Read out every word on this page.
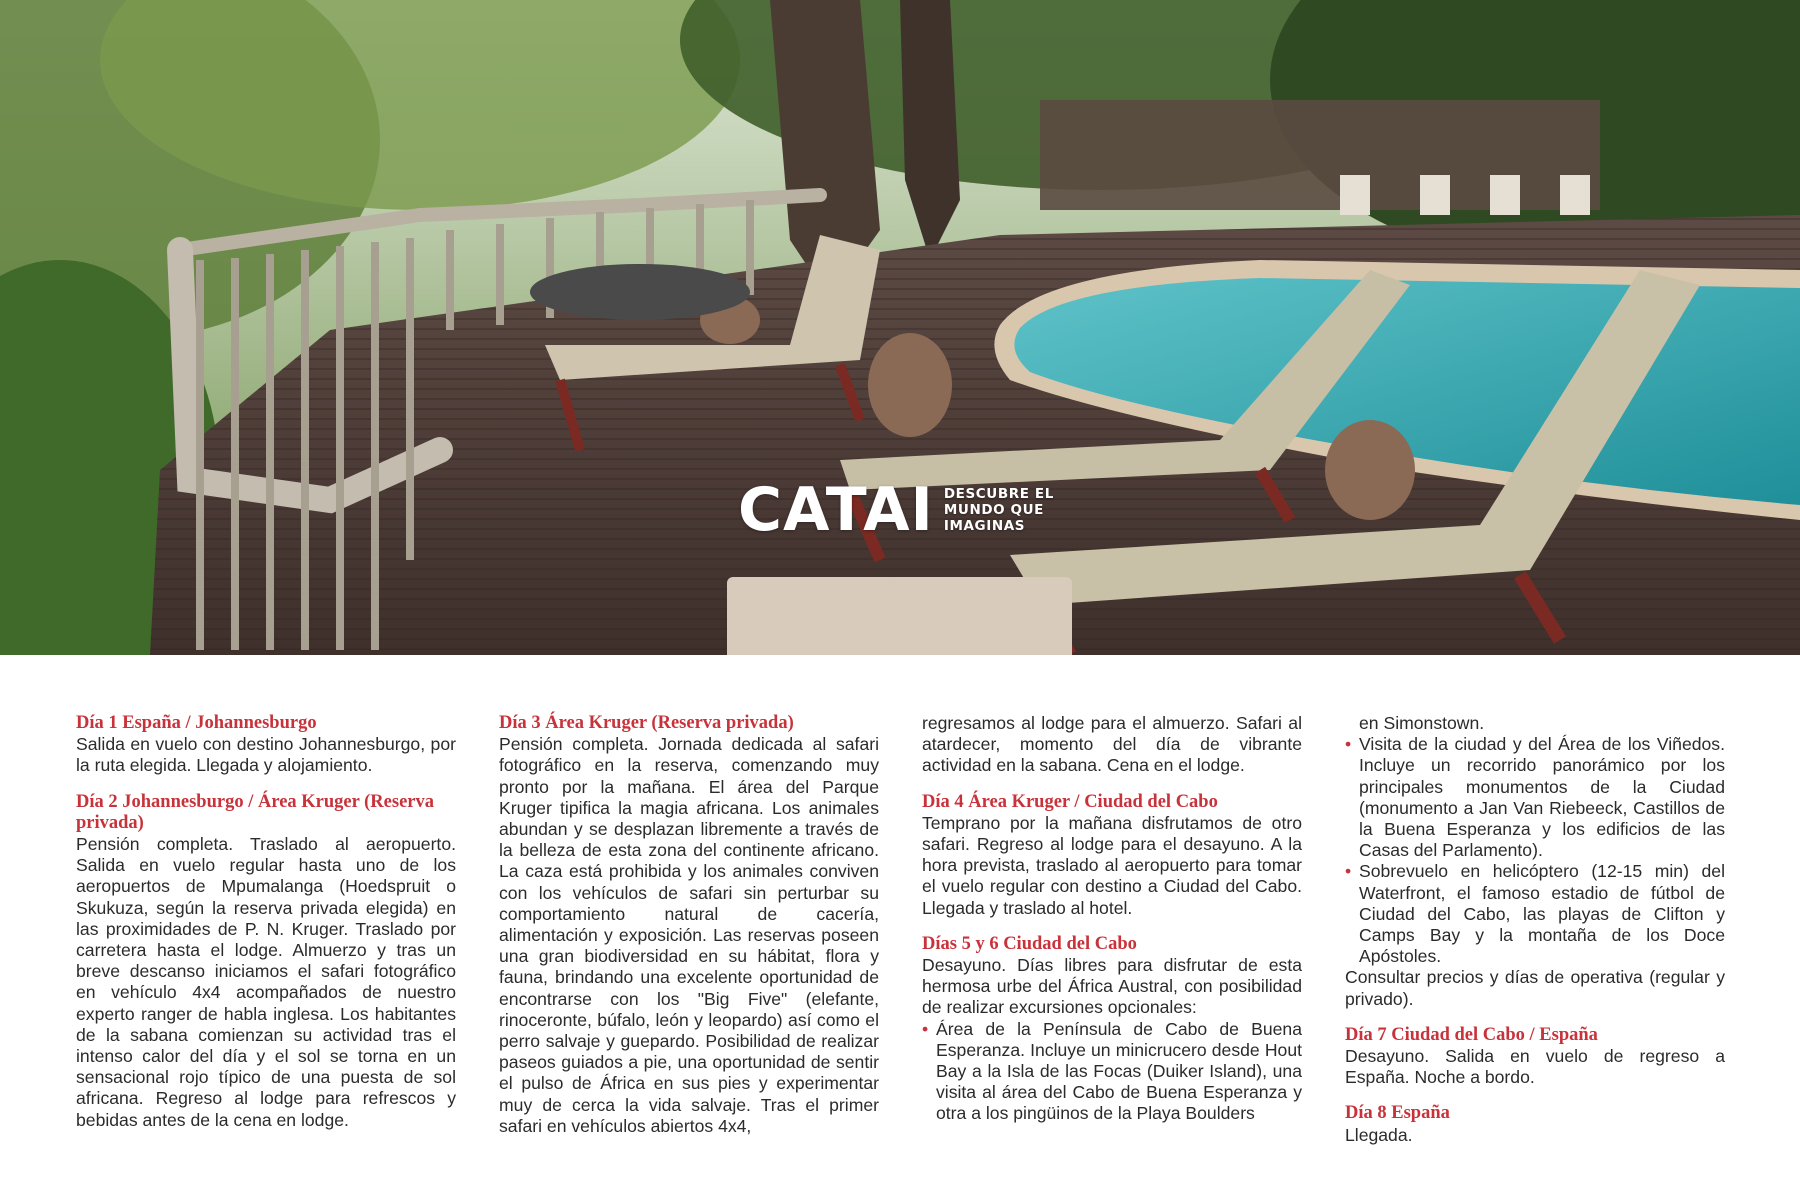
CATAI DESCUBRE EL
MUNDO QUE
IMAGINAS
Día 1 España / Johannesburgo
Salida en vuelo con destino Johannesburgo, por la ruta elegida. Llegada y alojamiento.
Día 2 Johannesburgo / Área Kruger (Reserva privada)
Pensión completa. Traslado al aeropuerto. Salida en vuelo regular hasta uno de los aeropuertos de Mpumalanga (Hoedspruit o Skukuza, según la reserva privada elegida) en las proximidades de P. N. Kruger. Traslado por carretera hasta el lodge. Almuerzo y tras un breve descanso iniciamos el safari fotográfico en vehículo 4x4 acompañados de nuestro experto ranger de habla inglesa. Los habitantes de la sabana comienzan su actividad tras el intenso calor del día y el sol se torna en un sensacional rojo típico de una puesta de sol africana. Regreso al lodge para refrescos y bebidas antes de la cena en lodge.
Día 3 Área Kruger (Reserva privada)
Pensión completa. Jornada dedicada al safari fotográfico en la reserva, comenzando muy pronto por la mañana. El área del Parque Kruger tipifica la magia africana. Los animales abundan y se desplazan libremente a través de la belleza de esta zona del continente africano. La caza está prohibida y los animales conviven con los vehículos de safari sin perturbar su comportamiento natural de cacería, alimentación y exposición. Las reservas poseen una gran biodiversidad en su hábitat, flora y fauna, brindando una excelente oportunidad de encontrarse con los "Big Five" (elefante, rinoceronte, búfalo, león y leopardo) así como el perro salvaje y guepardo. Posibilidad de realizar paseos guiados a pie, una oportunidad de sentir el pulso de África en sus pies y experimentar muy de cerca la vida salvaje. Tras el primer safari en vehículos abiertos 4x4,
regresamos al lodge para el almuerzo. Safari al atardecer, momento del día de vibrante actividad en la sabana. Cena en el lodge.
Día 4 Área Kruger / Ciudad del Cabo
Temprano por la mañana disfrutamos de otro safari. Regreso al lodge para el desayuno. A la hora prevista, traslado al aeropuerto para tomar el vuelo regular con destino a Ciudad del Cabo. Llegada y traslado al hotel.
Días 5 y 6 Ciudad del Cabo
Desayuno. Días libres para disfrutar de esta hermosa urbe del África Austral, con posibilidad de realizar excursiones opcionales:
• Área de la Península de Cabo de Buena Esperanza. Incluye un minicrucero desde Hout Bay a la Isla de las Focas (Duiker Island), una visita al área del Cabo de Buena Esperanza y otra a los pingüinos de la Playa Boulders
en Simonstown.
• Visita de la ciudad y del Área de los Viñedos. Incluye un recorrido panorámico por los principales monumentos de la Ciudad (monumento a Jan Van Riebeeck, Castillos de la Buena Esperanza y los edificios de las Casas del Parlamento).
• Sobrevuelo en helicóptero (12-15 min) del Waterfront, el famoso estadio de fútbol de Ciudad del Cabo, las playas de Clifton y Camps Bay y la montaña de los Doce Apóstoles.
Consultar precios y días de operativa (regular y privado).
Día 7 Ciudad del Cabo / España
Desayuno. Salida en vuelo de regreso a España. Noche a bordo.
Día 8 España
Llegada.
